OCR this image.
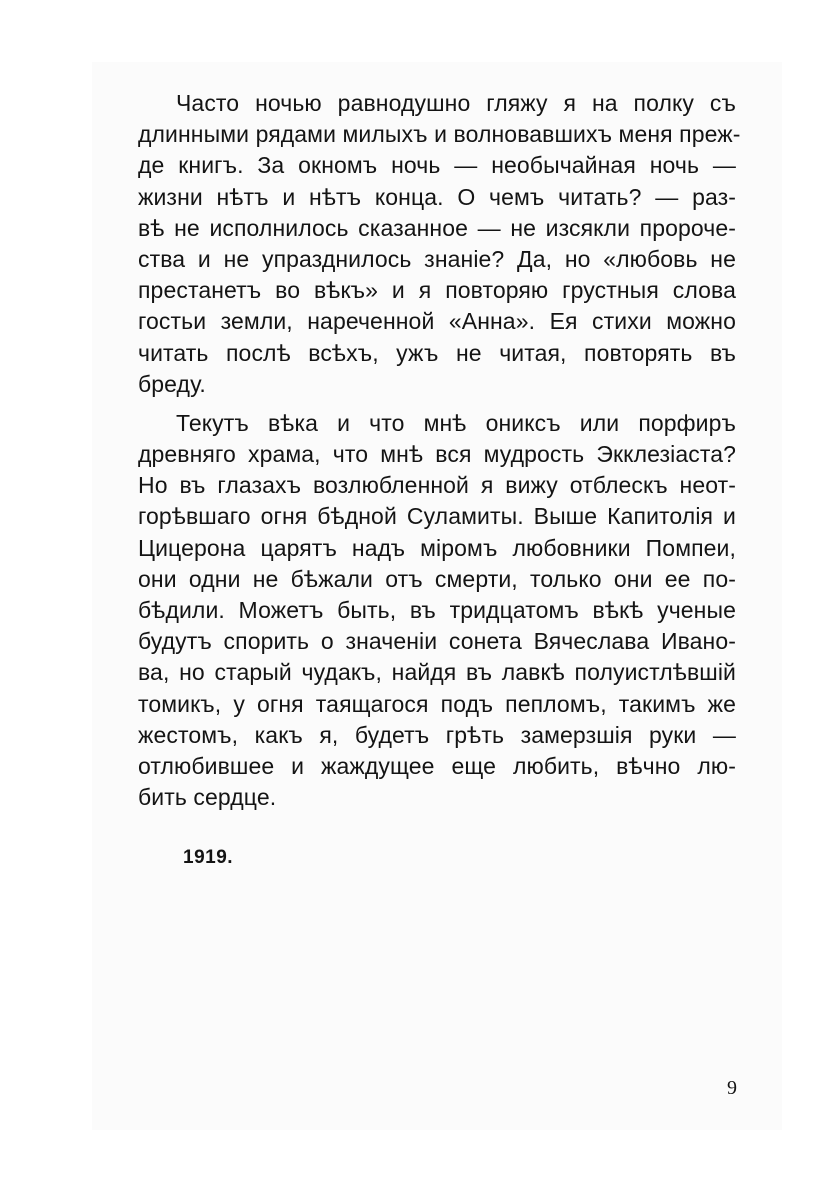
Часто ночью равнодушно гляжу я на полку съ
длинными рядами милыхъ и волновавшихъ меня преж-
де книгъ. За окномъ ночь — необычайная ночь —
жизни нѣтъ и нѣтъ конца. О чемъ читать? — раз-
вѣ не исполнилось сказанное — не изсякли пророче-
ства и не упразднилось знанiе? Да, но «любовь не
престанетъ во вѣкъ» и я повторяю грустныя слова
гостьи земли, нареченной «Анна». Ея стихи можно
читать послѣ всѣхъ, ужъ не читая, повторять въ
бреду.
Текутъ вѣка и что мнѣ ониксъ или порфиръ
древняго храма, что мнѣ вся мудрость Экклезiаста?
Но въ глазахъ возлюбленной я вижу отблескъ неот-
горѣвшаго огня бѣдной Суламиты. Выше Капитолiя и
Цицерона царятъ надъ мiромъ любовники Помпеи,
они одни не бѣжали отъ смерти, только они ее по-
бѣдили. Можетъ быть, въ тридцатомъ вѣкѣ ученые
будутъ спорить о значенiи сонета Вячеслава Ивано-
ва, но старый чудакъ, найдя въ лавкѣ полуистлѣвшiй
томикъ, у огня таящагося подъ пепломъ, такимъ же
жестомъ, какъ я, будетъ грѣть замерзшiя руки —
отлюбившее и жаждущее еще любить, вѣчно лю-
бить сердце.
1919.
9
